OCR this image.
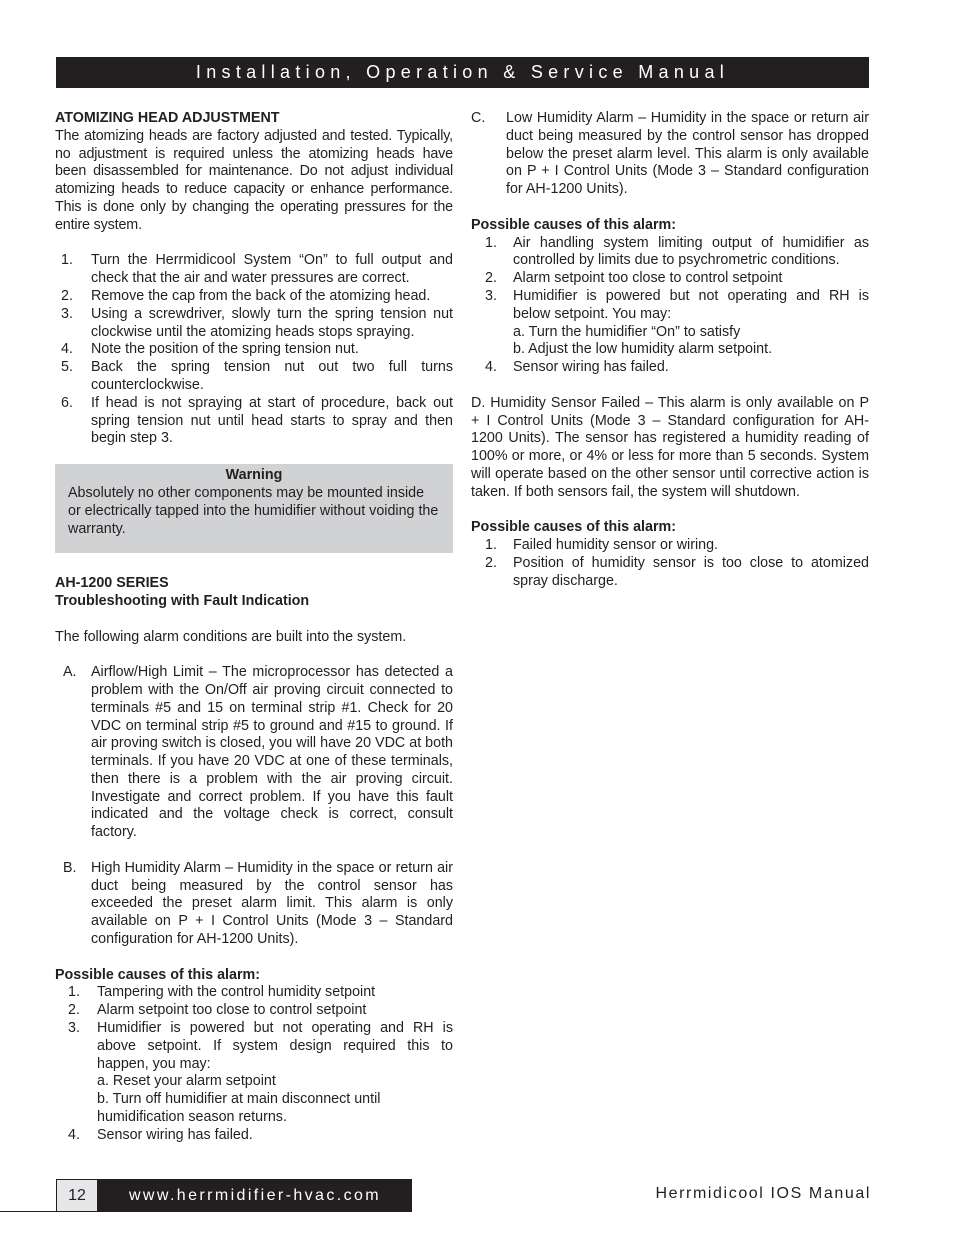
Installation, Operation & Service Manual

ATOMIZING HEAD ADJUSTMENT

The atomizing heads are factory adjusted and tested. Typically, no adjustment is required unless the atomizing heads have been disassembled for maintenance. Do not adjust individual atomizing heads to reduce capacity or enhance performance. This is done only by changing the operating pressures for the entire system.

1.	Turn the Herrmidicool System “On” to full output and check that the air and water pressures are correct.
2.	Remove the cap from the back of the atomizing head.
3.	Using a screwdriver, slowly turn the spring tension nut clockwise until the atomizing heads stops spraying.
4.	Note the position of the spring tension nut.
5.	Back the spring tension nut out two full turns counterclockwise.
6.	If head is not spraying at start of procedure, back out spring tension nut until head starts to spray and then begin step 3.
Warning
Absolutely no other components may be mounted inside or electrically tapped into the humidifier without voiding the warranty.

AH-1200 SERIES

Troubleshooting with Fault Indication

The following alarm conditions are built into the system.

A.	Airflow/High Limit – The microprocessor has detected a problem with the On/Off air proving circuit connected to terminals #5 and 15 on terminal strip #1. Check for 20 VDC on terminal strip #5 to ground and #15 to ground. If air proving switch is closed, you will have 20 VDC at both terminals. If you have 20 VDC at one of these terminals, then there is a problem with the air proving circuit. Investigate and correct problem. If you have this fault indicated and the voltage check is correct, consult factory.
B.	High Humidity Alarm – Humidity in the space or return air duct being measured by the control sensor has exceeded the preset alarm limit. This alarm is only available on P + I Control Units (Mode 3 – Standard configuration for AH-1200 Units).

Possible causes of this alarm:

1.	Tampering with the control humidity setpoint
2.	Alarm setpoint too close to control setpoint
3.	Humidifier is powered but not operating and RH is above setpoint. If system design required this to happen, you may:
a. Reset your alarm setpoint
b. Turn off humidifier at main disconnect until humidification season returns.
4.	Sensor wiring has failed.
C.	Low Humidity Alarm – Humidity in the space or return air duct being measured by the control sensor has dropped below the preset alarm level. This alarm is only available on P + I Control Units (Mode 3 – Standard configuration for AH-1200 Units).

Possible causes of this alarm:

1.	Air handling system limiting output of humidifier as controlled by limits due to psychrometric conditions.
2.	Alarm setpoint too close to control setpoint
3.	Humidifier is powered but not operating and RH is below setpoint. You may:
a. Turn the humidifier “On” to satisfy
b. Adjust the low humidity alarm setpoint.
4.	Sensor wiring has failed.

D. Humidity Sensor Failed – This alarm is only available on P + I Control Units (Mode 3 – Standard configuration for AH-1200 Units). The sensor has registered a humidity reading of 100% or more, or 4% or less for more than 5 seconds. System will operate based on the other sensor until corrective action is taken. If both sensors fail, the system will shutdown.

Possible causes of this alarm:

1.	Failed humidity sensor or wiring.
2.	Position of humidity sensor is too close to atomized spray discharge.
12	www.herrmidifier-hvac.com	Herrmidicool IOS Manual
